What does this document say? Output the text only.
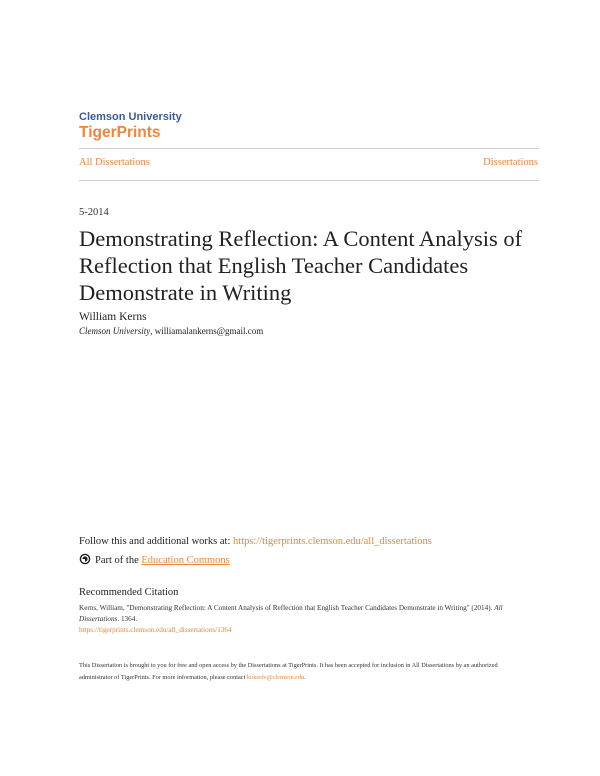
Clemson University
TigerPrints
All Dissertations	Dissertations
5-2014
Demonstrating Reflection: A Content Analysis of Reflection that English Teacher Candidates Demonstrate in Writing
William Kerns
Clemson University, williamalankerns@gmail.com
Follow this and additional works at: https://tigerprints.clemson.edu/all_dissertations
Part of the Education Commons
Recommended Citation
Kerns, William, "Demonstrating Reflection: A Content Analysis of Reflection that English Teacher Candidates Demonstrate in Writing" (2014). All Dissertations. 1364.
https://tigerprints.clemson.edu/all_dissertations/1364
This Dissertation is brought to you for free and open access by the Dissertations at TigerPrints. It has been accepted for inclusion in All Dissertations by an authorized administrator of TigerPrints. For more information, please contact kokeefe@clemson.edu.
